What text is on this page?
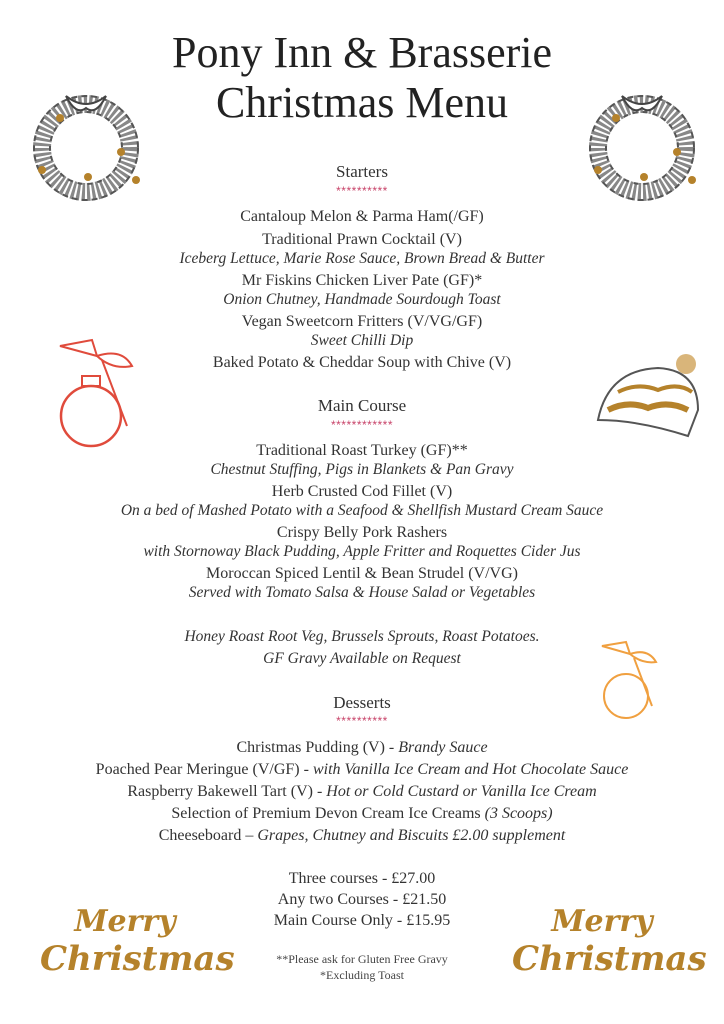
Pony Inn & Brasserie
Christmas Menu
Starters
**********
Cantaloup Melon & Parma Ham(/GF)
Traditional Prawn Cocktail (V)
Iceberg Lettuce, Marie Rose Sauce, Brown Bread & Butter
Mr Fiskins Chicken Liver Pate (GF)*
Onion Chutney, Handmade Sourdough Toast
Vegan Sweetcorn Fritters (V/VG/GF)
Sweet Chilli Dip
Baked Potato & Cheddar Soup with Chive (V)
Main Course
************
Traditional Roast Turkey (GF)**
Chestnut Stuffing, Pigs in Blankets & Pan Gravy
Herb Crusted Cod Fillet (V)
On a bed of Mashed Potato with a Seafood & Shellfish Mustard Cream Sauce
Crispy Belly Pork Rashers
with Stornoway Black Pudding, Apple Fritter and Roquettes Cider Jus
Moroccan Spiced Lentil & Bean Strudel (V/VG)
Served with Tomato Salsa & House Salad or Vegetables
Honey Roast Root Veg, Brussels Sprouts, Roast Potatoes.
GF Gravy Available on Request
Desserts
**********
Christmas Pudding (V) - Brandy Sauce
Poached Pear Meringue (V/GF) - with Vanilla Ice Cream and Hot Chocolate Sauce
Raspberry Bakewell Tart (V) - Hot or Cold Custard or Vanilla Ice Cream
Selection of Premium Devon Cream Ice Creams (3 Scoops)
Cheeseboard – Grapes, Chutney and Biscuits £2.00 supplement
Three courses - £27.00
Any two Courses - £21.50
Main Course Only - £15.95
**Please ask for Gluten Free Gravy
*Excluding Toast
Merry
Christmas
Merry
Christmas
